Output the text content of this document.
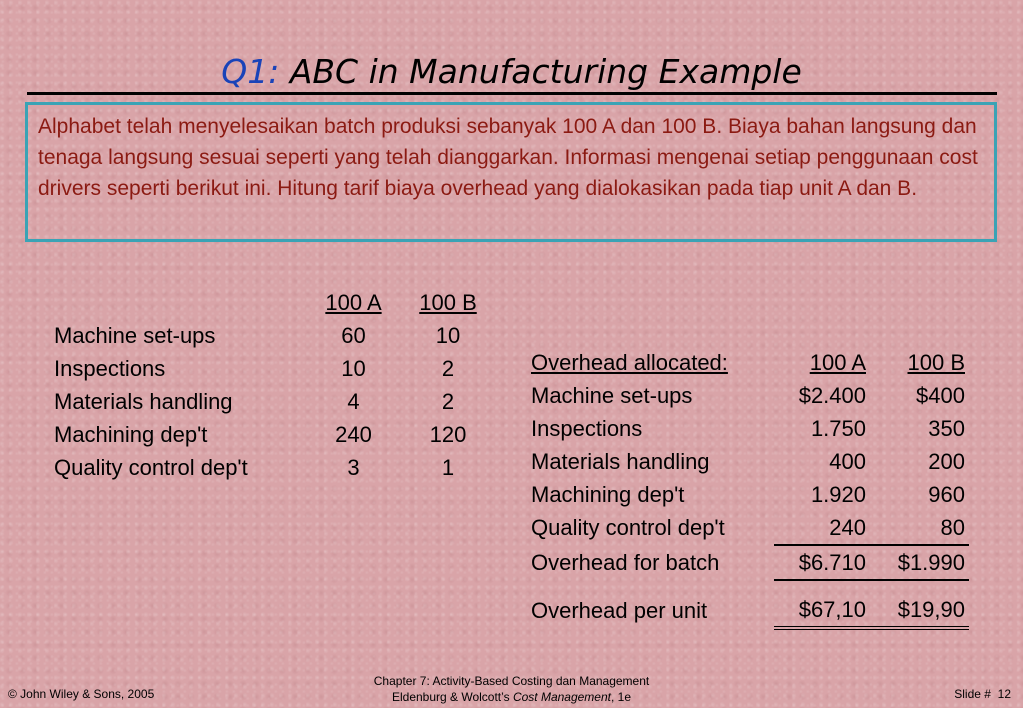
Q1: ABC in Manufacturing Example
Alphabet telah menyelesaikan batch produksi sebanyak 100 A dan 100 B. Biaya bahan langsung dan tenaga langsung sesuai seperti yang telah dianggarkan. Informasi mengenai setiap penggunaan cost drivers seperti berikut ini. Hitung tarif biaya overhead yang dialokasikan pada tiap unit A dan B.
	100 A	100 B
Machine set-ups	60	10
Inspections	10	2
Materials handling	4	2
Machining dep't	240	120
Quality control dep't	3	1
Overhead allocated:	100 A	100 B
Machine set-ups	$2.400	$400
Inspections	1.750	350
Materials handling	400	200
Machining dep't	1.920	960
Quality control dep't	240	80
Overhead for batch	$6.710	$1.990

Overhead per unit	$67,10	$19,90
© John Wiley & Sons, 2005
Chapter 7: Activity-Based Costing dan Management
Eldenburg & Wolcott’s Cost Management, 1e	Slide # 12
